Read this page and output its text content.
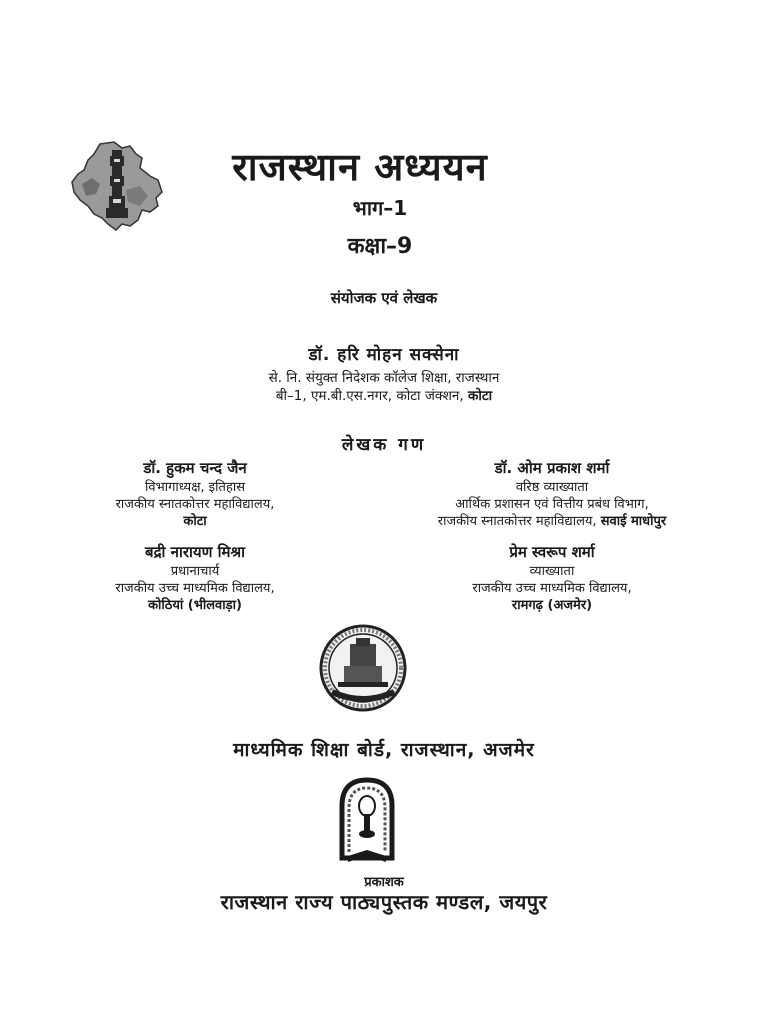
राजस्थान अध्ययन
भाग–1
कक्षा–9
संयोजक एवं लेखक
डॉ. हरि मोहन सक्सेना
से. नि. संयुक्त निदेशक कॉलेज शिक्षा, राजस्थान
बी–1, एम.बी.एस.नगर, कोटा जंक्शन, कोटा
लेखक गण
डॉ. हुकम चन्द जैन
विभागाध्यक्ष, इतिहास
राजकीय स्नातकोत्तर महाविद्यालय,
कोटा
डॉ. ओम प्रकाश शर्मा
वरिष्ठ व्याख्याता
आर्थिक प्रशासन एवं वित्तीय प्रबंध विभाग,
राजकीय स्नातकोत्तर महाविद्यालय, सवाई माधोपुर
बद्री नारायण मिश्रा
प्रधानाचार्य
राजकीय उच्च माध्यमिक विद्यालय,
कोठियां (भीलवाड़ा)
प्रेम स्वरूप शर्मा
व्याख्याता
राजकीय उच्च माध्यमिक विद्यालय,
रामगढ़ (अजमेर)
माध्यमिक शिक्षा बोर्ड, राजस्थान, अजमेर
प्रकाशक
राजस्थान राज्य पाठ्यपुस्तक मण्डल, जयपुर
